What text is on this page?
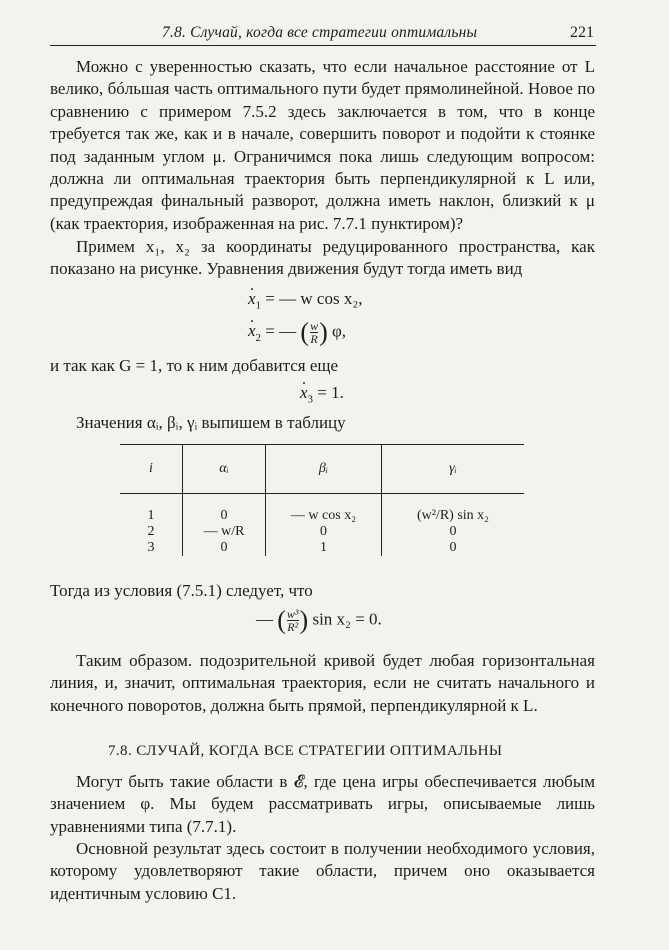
7.8. Случай, когда все стратегии оптимальны	221

Можно с уверенностью сказать, что если начальное расстояние от L велико, бóльшая часть оптимального пути будет прямолинейной. Новое по сравнению с примером 7.5.2 здесь заключается в том, что в конце требуется так же, как и в начале, совершить поворот и подойти к стоянке под заданным углом μ. Ограничимся пока лишь следующим вопросом: должна ли оптимальная траектория быть перпендикулярной к L или, предупреждая финальный разворот, должна иметь наклон, близкий к μ (как траектория, изображенная на рис. 7.7.1 пунктиром)?

Примем x₁, x₂ за координаты редуцированного пространства, как показано на рисунке. Уравнения движения будут тогда иметь вид

. $x_1$ = — w cos x₂,
. $x_2$ = — ( $\frac{w}{R}$ ) φ,

и так как G = 1, то к ним добавится еще

. $x_3 = 1$.

Значения αᵢ, βᵢ, γᵢ выпишем в таблицу

i	αᵢ	βᵢ	γᵢ
1	0	— w cos x₂	(w²/R) sin x₂
2	— w/R	0	0
3	0	1	0

Тогда из условия (7.5.1) следует, что

— ( $\frac{\text{w³}}{\text{R²}}$ ) sin x₂ = 0.

Таким образом. подозрительной кривой будет любая горизонтальная линия, и, значит, оптимальная траектория, если не считать начального и конечного поворотов, должна быть прямой, перпендикулярной к L.

7.8. СЛУЧАЙ, КОГДА ВСЕ СТРАТЕГИИ ОПТИМАЛЬНЫ

Могут быть такие области в 𝓔, где цена игры обеспечивается любым значением φ. Мы будем рассматривать игры, описываемые лишь уравнениями типа (7.7.1).

Основной результат здесь состоит в получении необходимого условия, которому удовлетворяют такие области, причем оно оказывается идентичным условию C1.
